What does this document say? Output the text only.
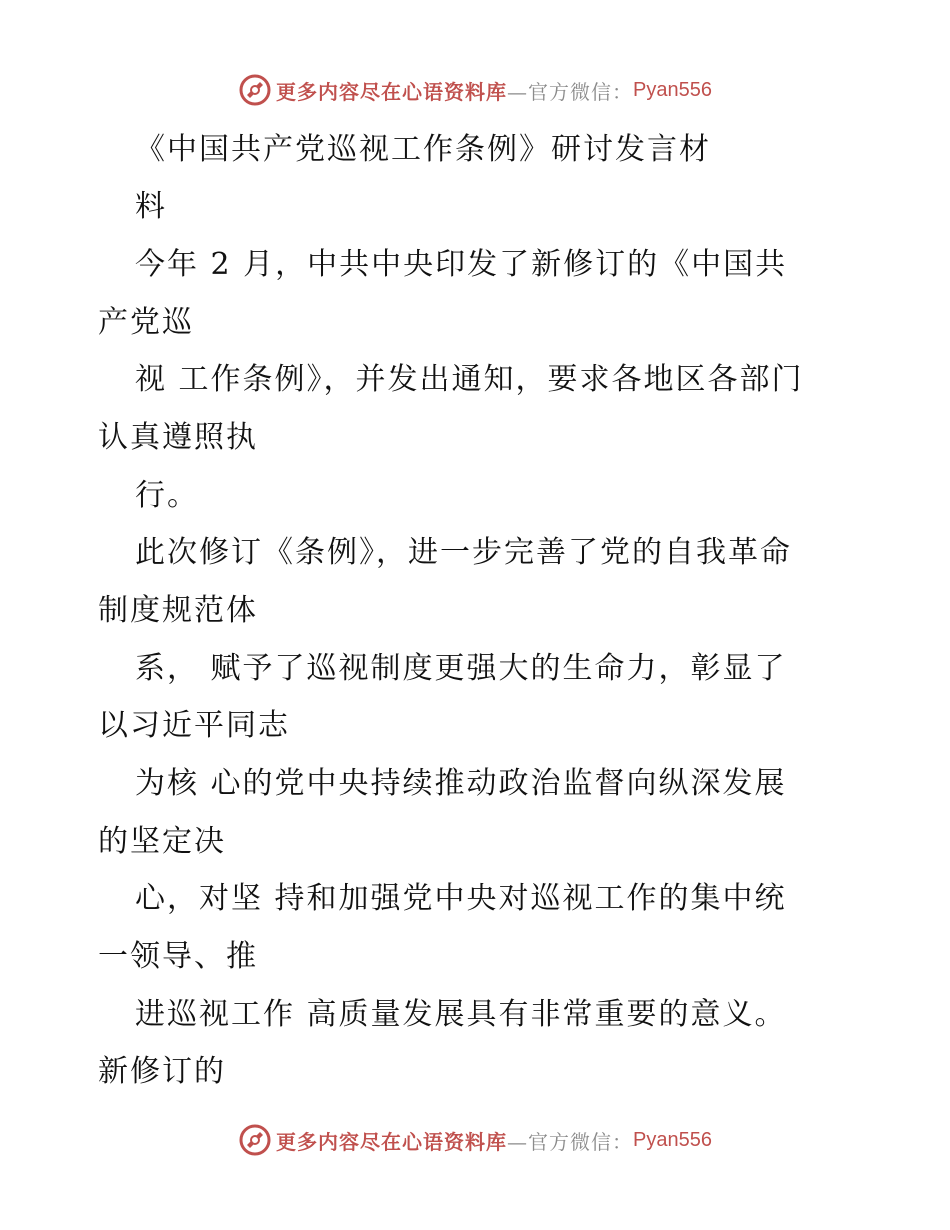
更多内容尽在心语资料库 —官方微信： Pyan556
《中国共产党巡视工作条例》研讨发言材
料
今年 2 月，中共中央印发了新修订的《中国共
产党巡
视 工作条例》，并发出通知，要求各地区各部门
认真遵照执
行。
此次修订《条例》，进一步完善了党的自我革命
制度规范体
系， 赋予了巡视制度更强大的生命力，彰显了
以习近平同志
为核 心的党中央持续推动政治监督向纵深发展
的坚定决
心，对坚 持和加强党中央对巡视工作的集中统
一领导、推
进巡视工作 高质量发展具有非常重要的意义。
新修订的
更多内容尽在心语资料库 —官方微信： Pyan556
